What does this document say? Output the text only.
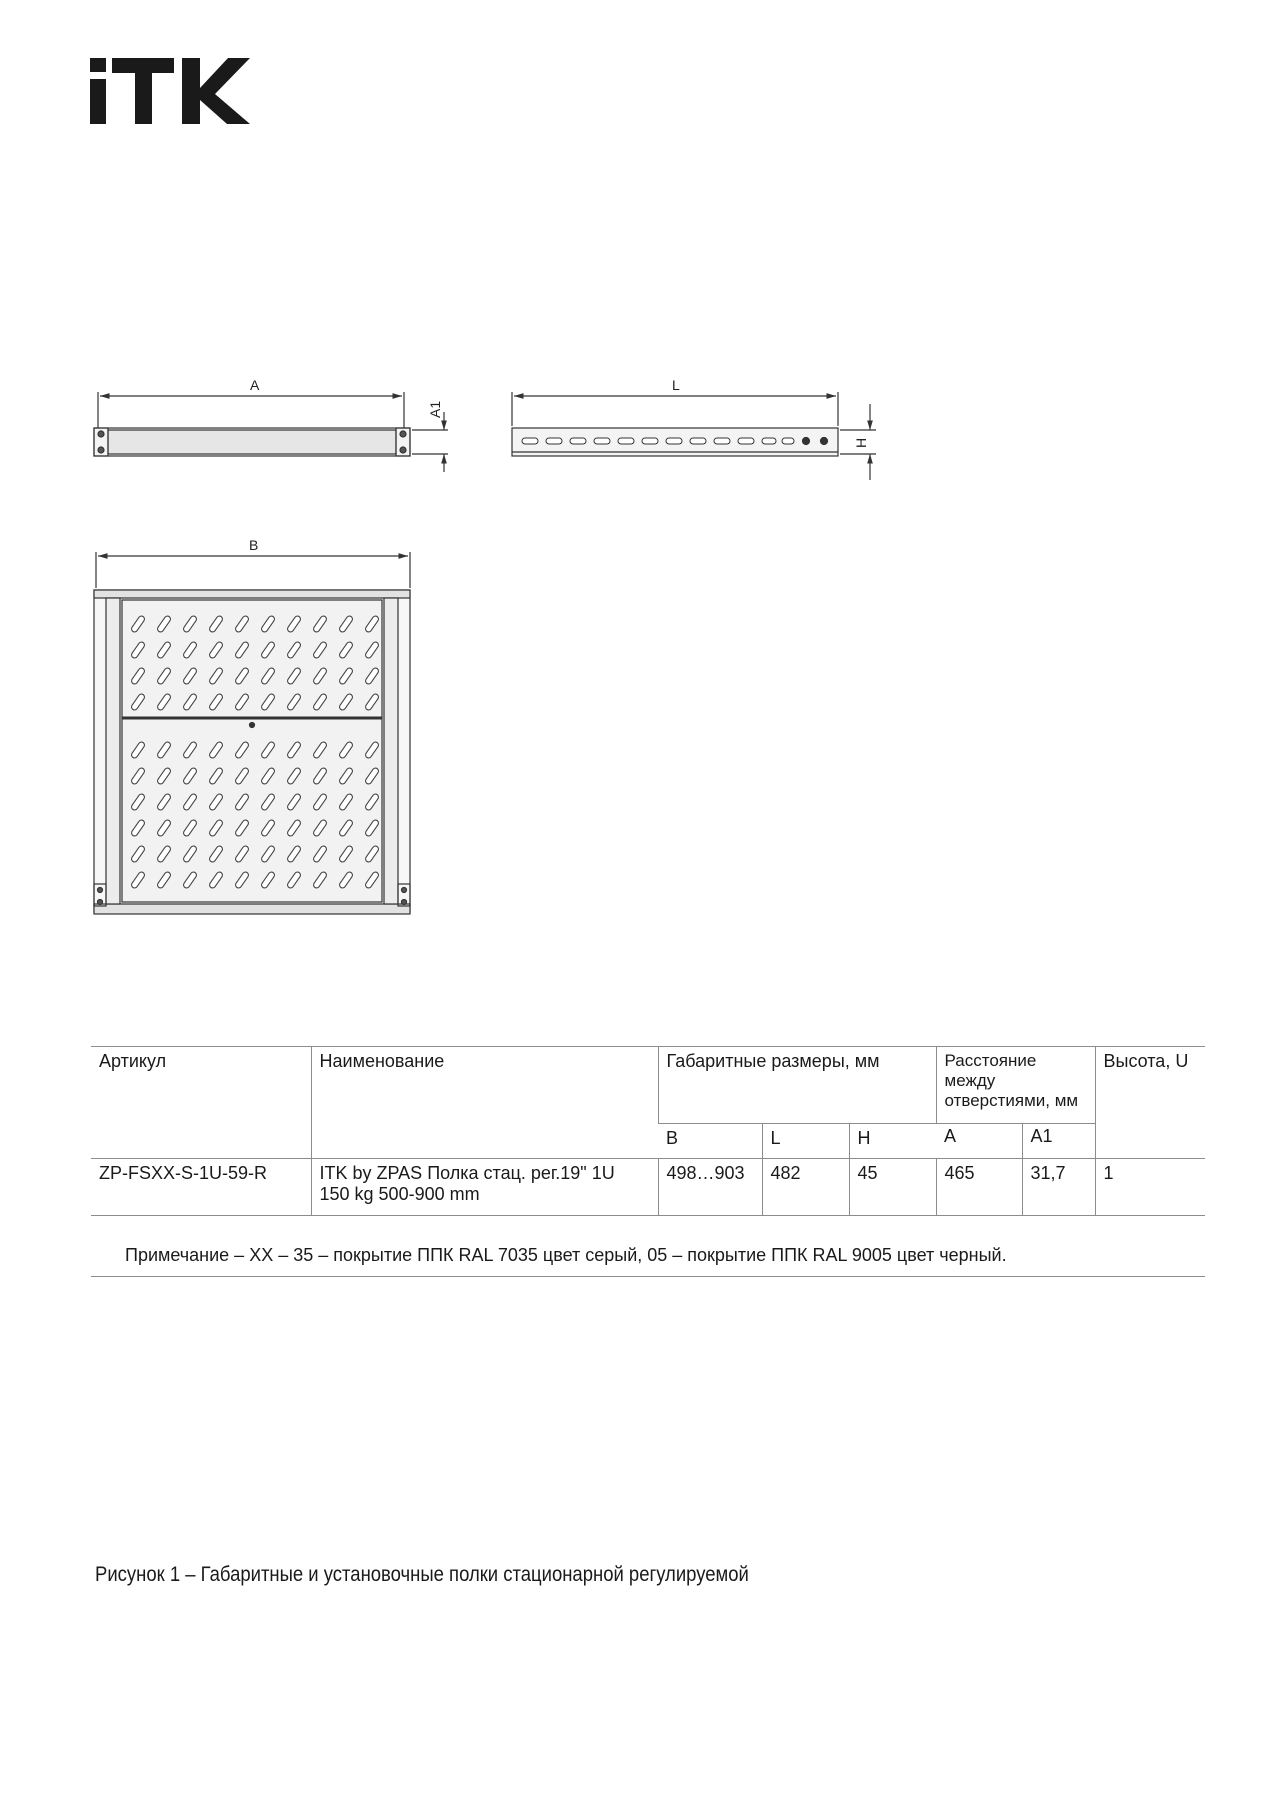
A
A1
L
H
B
Артикул	Наименование	Габаритные размеры, мм			Расстояние между отверстиями, мм		Высота, U
		B	L	H			
					A	A1	
ZP-FSXX-S-1U-59-R	ITK by ZPAS Полка стац. рег.19" 1U 150 kg 500-900 mm	498…903	482	45	465	31,7	1
Примечание – XX – 35 – покрытие ППК RAL 7035 цвет серый, 05 – покрытие ППК RAL 9005 цвет черный.
Рисунок 1 – Габаритные и установочные полки стационарной регулируемой
